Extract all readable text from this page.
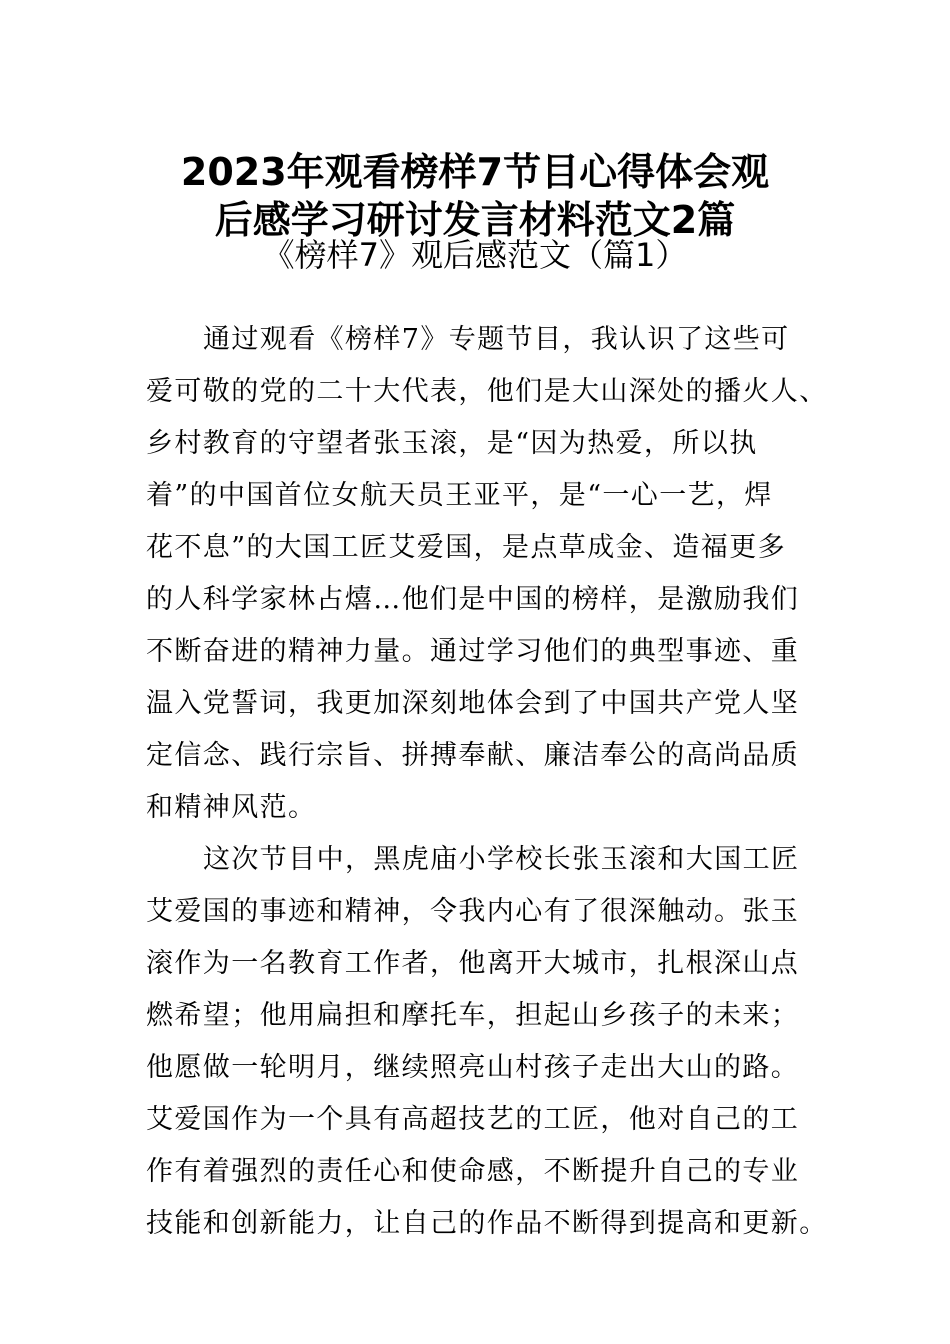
2023年观看榜样7节目心得体会观
后感学习研讨发言材料范文2篇
《榜样7》观后感范文（篇1）
通过观看《榜样7》专题节目，我认识了这些可
爱可敬的党的二十大代表，他们是大山深处的播火人、
乡村教育的守望者张玉滚，是“因为热爱，所以执
着”的中国首位女航天员王亚平，是“一心一艺，焊
花不息”的大国工匠艾爱国，是点草成金、造福更多
的人科学家林占熺…他们是中国的榜样，是激励我们
不断奋进的精神力量。通过学习他们的典型事迹、重
温入党誓词，我更加深刻地体会到了中国共产党人坚
定信念、践行宗旨、拼搏奉献、廉洁奉公的高尚品质
和精神风范。
这次节目中，黑虎庙小学校长张玉滚和大国工匠
艾爱国的事迹和精神，令我内心有了很深触动。张玉
滚作为一名教育工作者，他离开大城市，扎根深山点
燃希望；他用扁担和摩托车，担起山乡孩子的未来；
他愿做一轮明月，继续照亮山村孩子走出大山的路。
艾爱国作为一个具有高超技艺的工匠，他对自己的工
作有着强烈的责任心和使命感，不断提升自己的专业
技能和创新能力，让自己的作品不断得到提高和更新。
